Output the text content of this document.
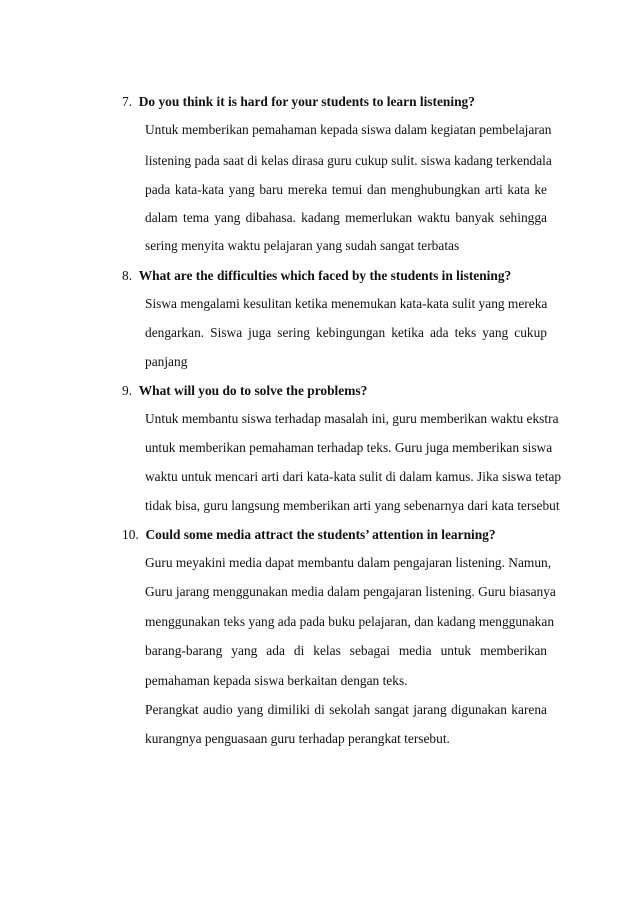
7. Do you think it is hard for your students to learn listening?
Untuk memberikan pemahaman kepada siswa dalam kegiatan pembelajaran
listening pada saat di kelas dirasa guru cukup sulit. siswa kadang terkendala
pada kata-kata yang baru mereka temui dan menghubungkan arti kata ke
dalam tema yang dibahasa. kadang memerlukan waktu banyak sehingga
sering menyita waktu pelajaran yang sudah sangat terbatas
8. What are the difficulties which faced by the students in listening?
Siswa mengalami kesulitan ketika menemukan kata-kata sulit yang mereka
dengarkan. Siswa juga sering kebingungan ketika ada teks yang cukup
panjang
9. What will you do to solve the problems?
Untuk membantu siswa terhadap masalah ini, guru memberikan waktu ekstra
untuk memberikan pemahaman terhadap teks. Guru juga memberikan siswa
waktu untuk mencari arti dari kata-kata sulit di dalam kamus. Jika siswa tetap
tidak bisa, guru langsung memberikan arti yang sebenarnya dari kata tersebut
10. Could some media attract the students’ attention in learning?
Guru meyakini media dapat membantu dalam pengajaran listening. Namun,
Guru jarang menggunakan media dalam pengajaran listening. Guru biasanya
menggunakan teks yang ada pada buku pelajaran, dan kadang menggunakan
barang-barang yang ada di kelas sebagai media untuk memberikan
pemahaman kepada siswa berkaitan dengan teks.
Perangkat audio yang dimiliki di sekolah sangat jarang digunakan karena
kurangnya penguasaan guru terhadap perangkat tersebut.
